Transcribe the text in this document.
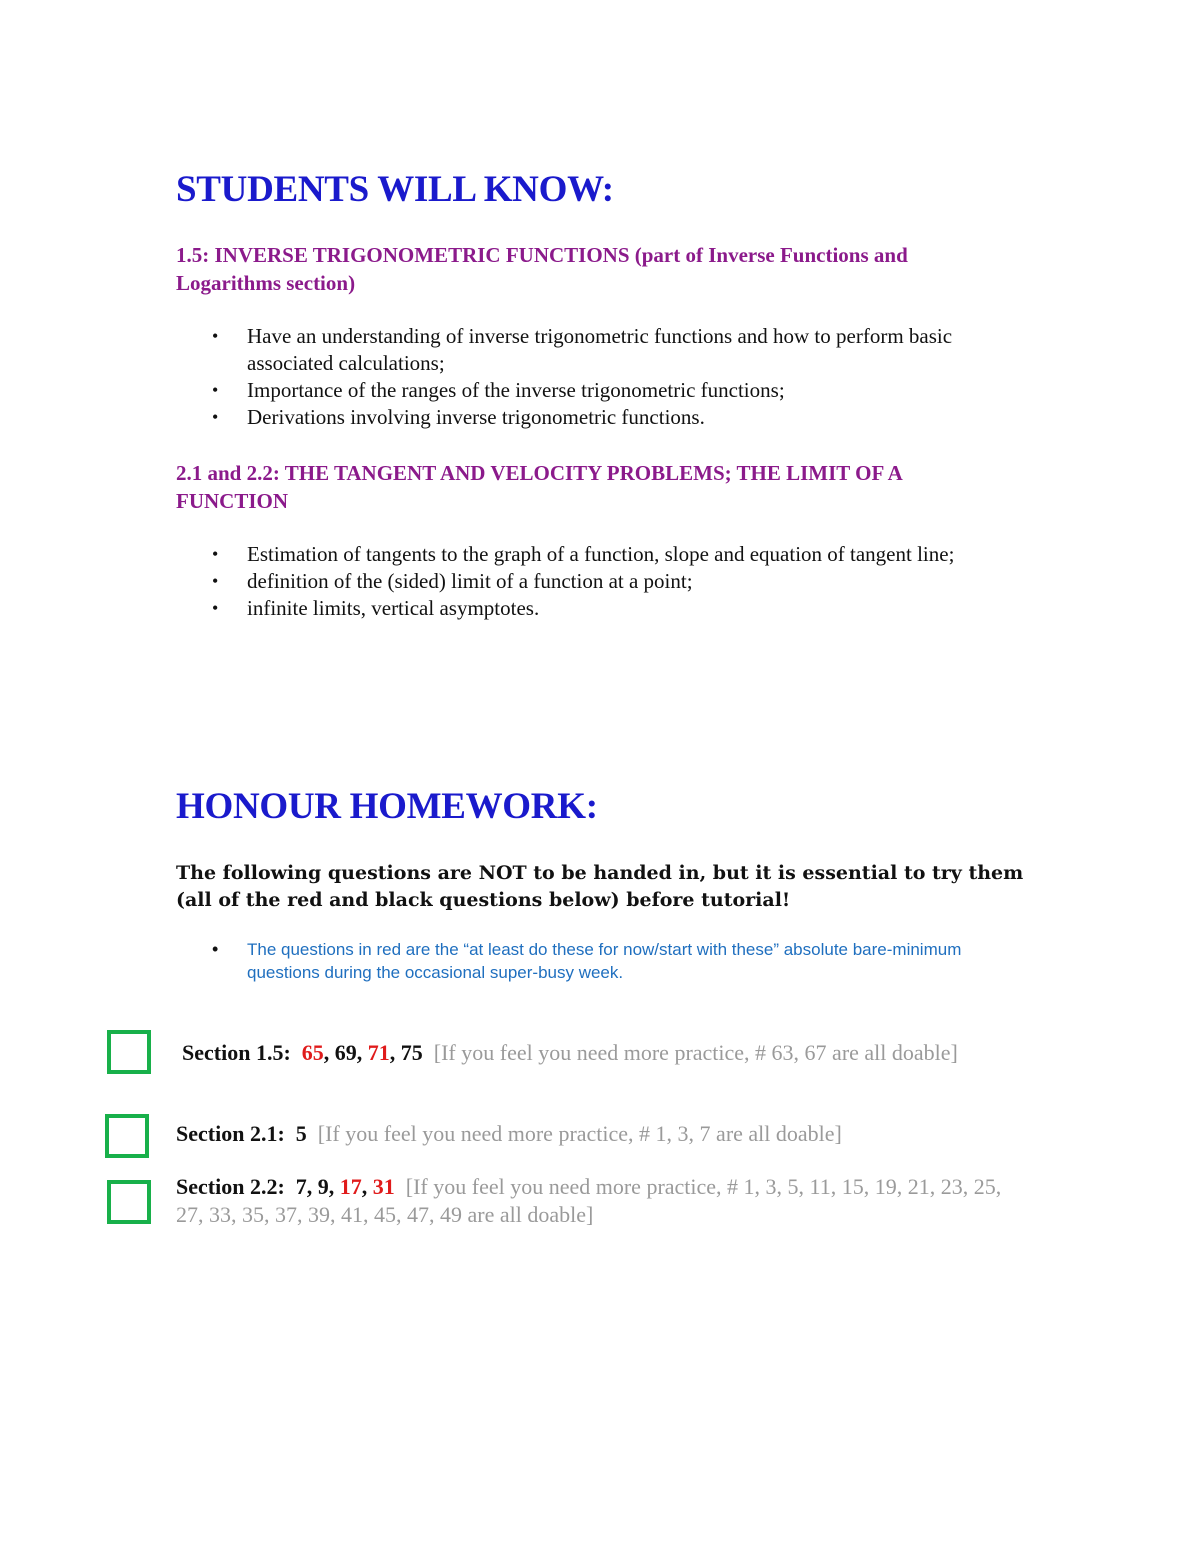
STUDENTS WILL KNOW:

1.5: INVERSE TRIGONOMETRIC FUNCTIONS (part of Inverse Functions and Logarithms section)

• Have an understanding of inverse trigonometric functions and how to perform basic associated calculations;
• Importance of the ranges of the inverse trigonometric functions;
• Derivations involving inverse trigonometric functions.

2.1 and 2.2: THE TANGENT AND VELOCITY PROBLEMS; THE LIMIT OF A FUNCTION

• Estimation of tangents to the graph of a function, slope and equation of tangent line;
• definition of the (sided) limit of a function at a point;
• infinite limits, vertical asymptotes.
HONOUR HOMEWORK:

The following questions are NOT to be handed in, but it is essential to try them (all of the red and black questions below) before tutorial!

• The questions in red are the “at least do these for now/start with these” absolute bare-minimum questions during the occasional super-busy week.

Section 1.5: 65, 69, 71, 75 [If you feel you need more practice, # 63, 67 are all doable]

Section 2.1: 5 [If you feel you need more practice, # 1, 3, 7 are all doable]

Section 2.2: 7, 9, 17, 31 [If you feel you need more practice, # 1, 3, 5, 11, 15, 19, 21, 23, 25, 27, 33, 35, 37, 39, 41, 45, 47, 49 are all doable]
